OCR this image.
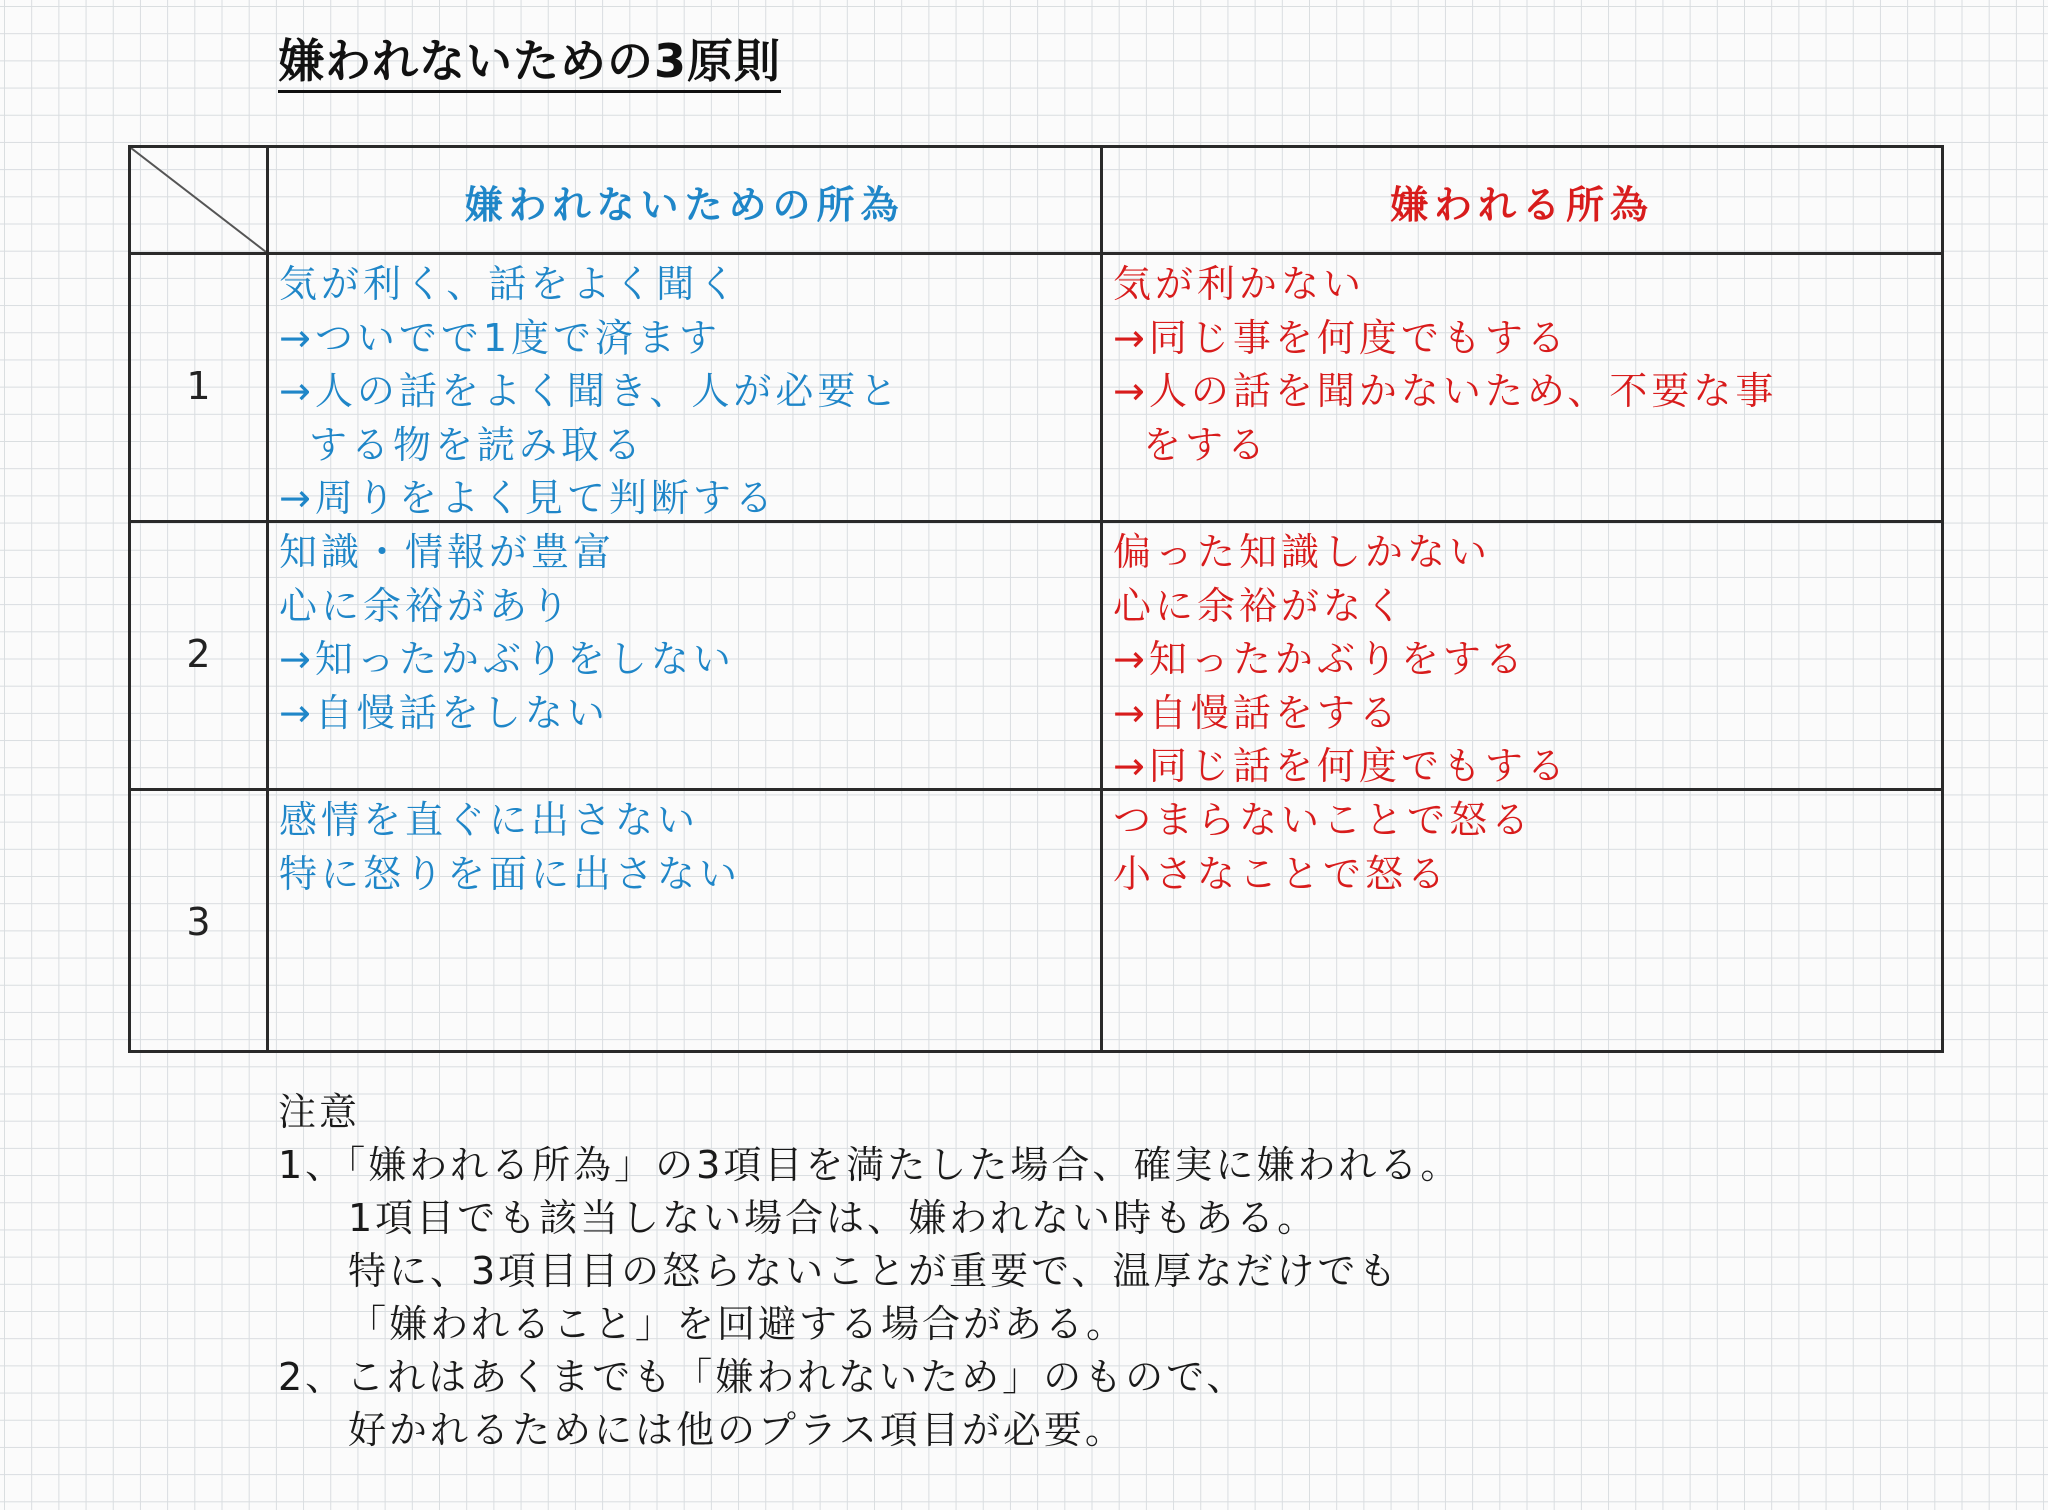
嫌われないための3原則
嫌われないための所為	嫌われる所為
1
気が利く、話をよく聞く
→ついでで1度で済ます
→人の話をよく聞き、人が必要と
する物を読み取る
→周りをよく見て判断する
気が利かない
→同じ事を何度でもする
→人の話を聞かないため、不要な事
をする
2
知識・情報が豊富
心に余裕があり
→知ったかぶりをしない
→自慢話をしない
偏った知識しかない
心に余裕がなく
→知ったかぶりをする
→自慢話をする
→同じ話を何度でもする
3
感情を直ぐに出さない
特に怒りを面に出さない
つまらないことで怒る
小さなことで怒る
注意
1、「嫌われる所為」の3項目を満たした場合、確実に嫌われる。
1項目でも該当しない場合は、嫌われない時もある。
特に、3項目目の怒らないことが重要で、温厚なだけでも
「嫌われること」を回避する場合がある。
2、これはあくまでも「嫌われないため」のもので、
好かれるためには他のプラス項目が必要。
